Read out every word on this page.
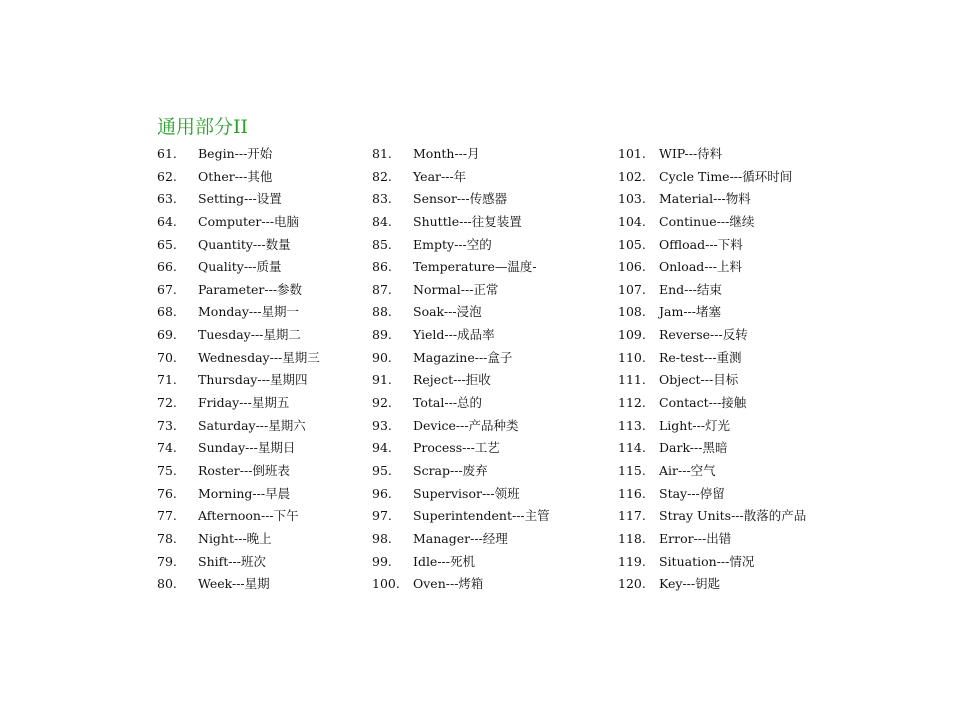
通用部分II
61. Begin---开始
62. Other---其他
63. Setting---设置
64. Computer---电脑
65. Quantity---数量
66. Quality---质量
67. Parameter---参数
68. Monday---星期一
69. Tuesday---星期二
70. Wednesday---星期三
71. Thursday---星期四
72. Friday---星期五
73. Saturday---星期六
74. Sunday---星期日
75. Roster---倒班表
76. Morning---早晨
77. Afternoon---下午
78. Night---晚上
79. Shift---班次
80. Week---星期
81. Month---月
82. Year---年
83. Sensor---传感器
84. Shuttle---往复装置
85. Empty---空的
86. Temperature—温度-
87. Normal---正常
88. Soak---浸泡
89. Yield---成品率
90. Magazine---盒子
91. Reject---拒收
92. Total---总的
93. Device---产品种类
94. Process---工艺
95. Scrap---废弃
96. Supervisor---领班
97. Superintendent---主管
98. Manager---经理
99. Idle---死机
100. Oven---烤箱
101. WIP---待料
102. Cycle Time---循环时间
103. Material---物料
104. Continue---继续
105. Offload---下料
106. Onload---上料
107. End---结束
108. Jam---堵塞
109. Reverse---反转
110. Re-test---重测
111. Object---目标
112. Contact---接触
113. Light---灯光
114. Dark---黑暗
115. Air---空气
116. Stay---停留
117. Stray Units---散落的产品
118. Error---出错
119. Situation---情况
120. Key---钥匙
